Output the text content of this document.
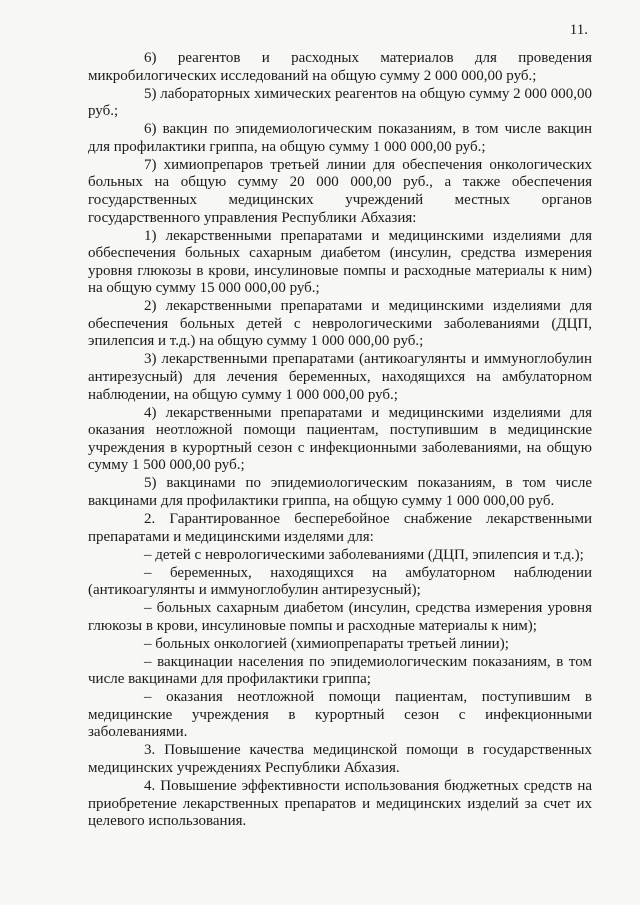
11.

6) реагентов и расходных материалов для проведения микробилогических исследований на общую сумму 2 000 000,00 руб.;

5) лабораторных химических реагентов на общую сумму 2 000 000,00 руб.;

6) вакцин по эпидемиологическим показаниям, в том числе вакцин для профилактики гриппа, на общую сумму 1 000 000,00 руб.;

7) химиопрепаров третьей линии для обеспечения онкологических больных на общую сумму 20 000 000,00 руб., а также обеспечения государственных медицинских учреждений местных органов государственного управления Республики Абхазия:

1) лекарственными препаратами и медицинскими изделиями для оббеспечения больных сахарным диабетом (инсулин, средства измерения уровня глюкозы в крови, инсулиновые помпы и расходные материалы к ним) на общую сумму 15 000 000,00 руб.;

2) лекарственными препаратами и медицинскими изделиями для обеспечения больных детей с неврологическими заболеваниями (ДЦП, эпилепсия и т.д.) на общую сумму 1 000 000,00 руб.;

3) лекарственными препаратами (антикоагулянты и иммуноглобулин антирезусный) для лечения беременных, находящихся на амбулаторном наблюдении, на общую сумму 1 000 000,00 руб.;

4) лекарственными препаратами и медицинскими изделиями для оказания неотложной помощи пациентам, поступившим в медицинские учреждения в курортный сезон с инфекционными заболеваниями, на общую сумму 1 500 000,00 руб.;

5) вакцинами по эпидемиологическим показаниям, в том числе вакцинами для профилактики гриппа, на общую сумму 1 000 000,00 руб.

2. Гарантированное бесперебойное снабжение лекарственными препаратами и медицинскими изделями для:

– детей с неврологическими заболеваниями (ДЦП, эпилепсия и т.д.);

– беременных, находящихся на амбулаторном наблюдении (антикоагулянты и иммуноглобулин антирезусный);

– больных сахарным диабетом (инсулин, средства измерения уровня глюкозы в крови, инсулиновые помпы и расходные материалы к ним);

– больных онкологией (химиопрепараты третьей линии);

– вакцинации населения по эпидемиологическим показаниям, в том числе вакцинами для профилактики гриппа;

– оказания неотложной помощи пациентам, поступившим в медицинские учреждения в курортный сезон с инфекционными заболеваниями.

3. Повышение качества медицинской помощи в государственных медицинских учреждениях Республики Абхазия.

4. Повышение эффективности использования бюджетных средств на приобретение лекарственных препаратов и медицинских изделий за счет их целевого использования.
